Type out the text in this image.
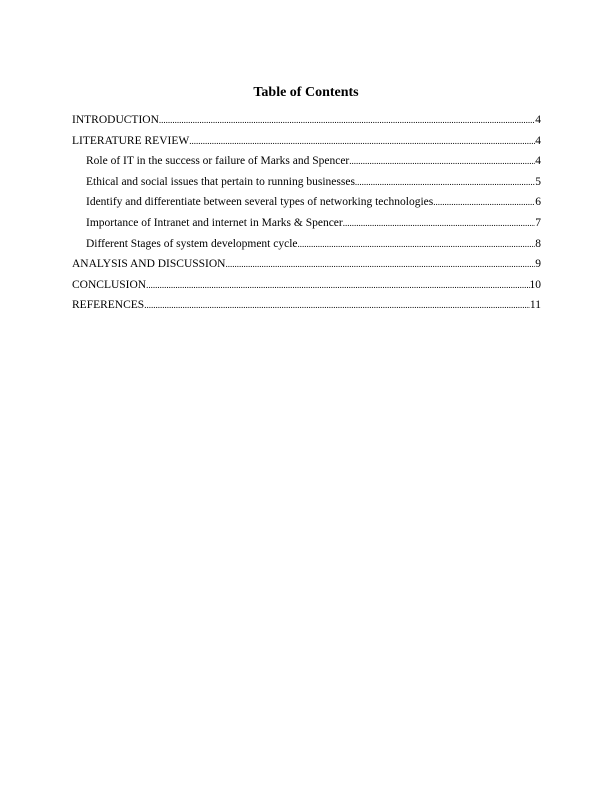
Table of Contents
INTRODUCTION .....	4
LITERATURE REVIEW .....	4
Role of IT in the success or failure of Marks and Spencer .....	4
Ethical and social issues that pertain to running businesses .....	5
Identify and differentiate between several types of networking technologies .....	6
Importance of Intranet and internet in Marks & Spencer .....	7
Different Stages of system development cycle .....	8
ANALYSIS AND DISCUSSION .....	9
CONCLUSION .....	10
REFERENCES .....	11
